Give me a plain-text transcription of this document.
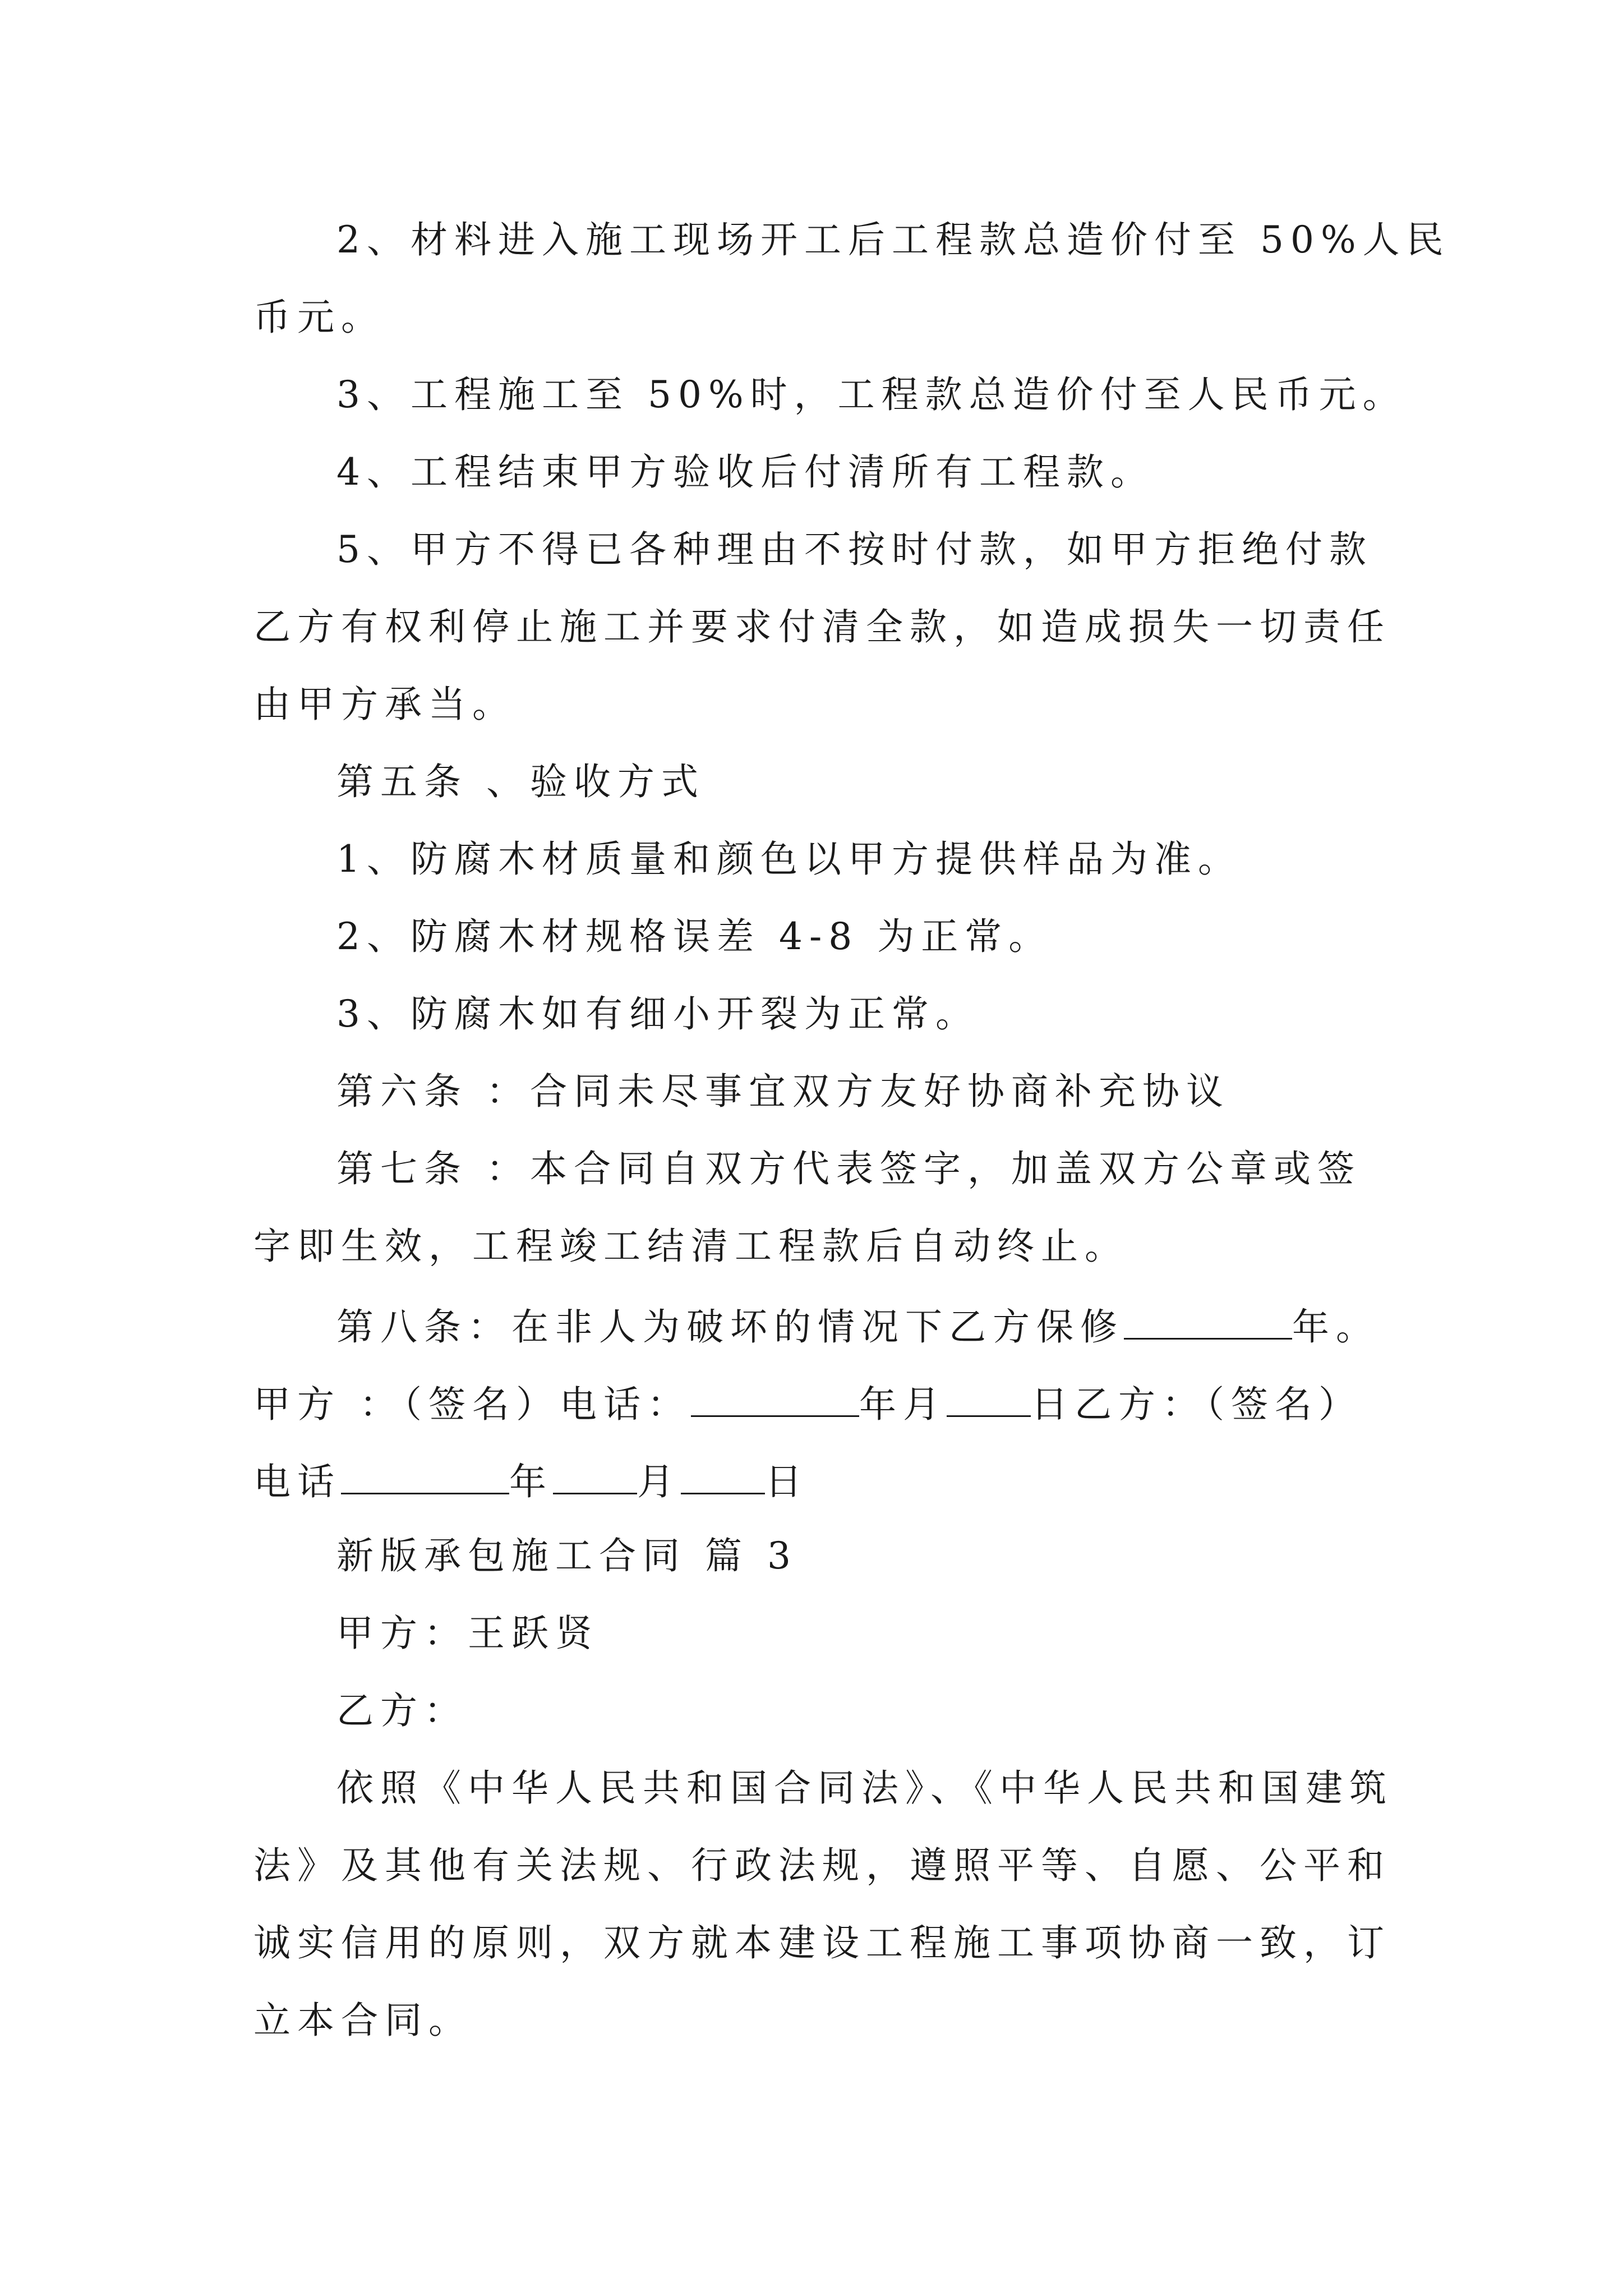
2、材料进入施工现场开工后工程款总造价付至 50%人民
币元。
3、工程施工至 50%时，工程款总造价付至人民币元。
4、工程结束甲方验收后付清所有工程款。
5、甲方不得已各种理由不按时付款，如甲方拒绝付款
乙方有权利停止施工并要求付清全款，如造成损失一切责任
由甲方承当。
第五条 、验收方式
1、防腐木材质量和颜色以甲方提供样品为准。
2、防腐木材规格误差 4-8 为正常。
3、防腐木如有细小开裂为正常。
第六条 ：合同未尽事宜双方友好协商补充协议
第七条 ：本合同自双方代表签字，加盖双方公章或签
字即生效，工程竣工结清工程款后自动终止。
第八条：在非人为破坏的情况下乙方保修	年。
甲方 ：（签名）电话：	年月 日乙方：（签名）
电话	年 月 日
新版承包施工合同 篇 3
甲方：王跃贤
乙方：
依照《中华人民共和国合同法》、《中华人民共和国建筑
法》及其他有关法规、行政法规，遵照平等、自愿、公平和
诚实信用的原则，双方就本建设工程施工事项协商一致，订
立本合同。
